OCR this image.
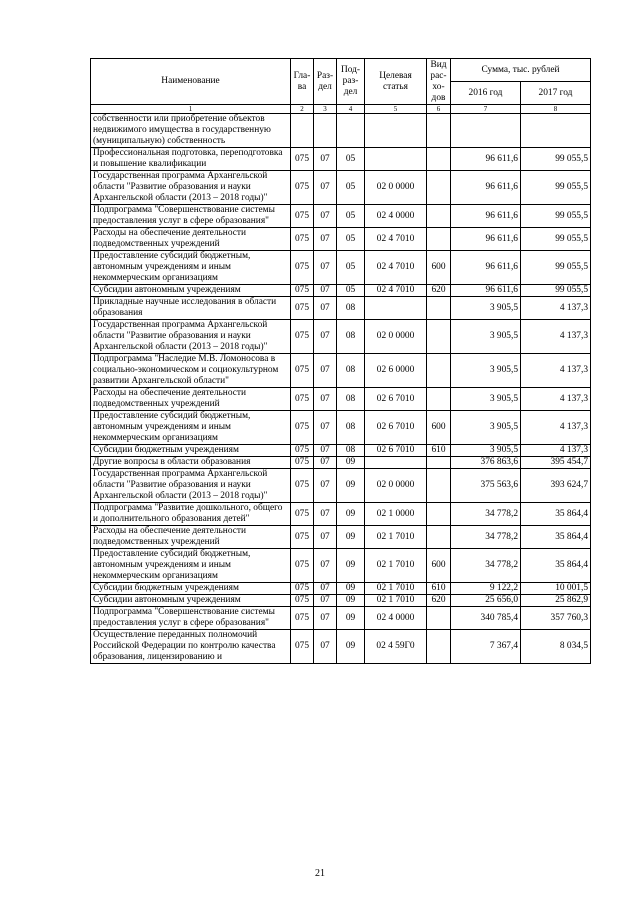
Наименование	Гла-ва	Раз-дел	Под-раз-дел	Целевая статья	Вид рас-хо-дов	Сумма, тыс. рублей	
						2016 год	2017 год
1	2	3	4	5	6	7	8
собственности или приобретение объектов недвижимого имущества в государственную (муниципальную) собственность							
Профессиональная подготовка, переподготовка и повышение квалификации	075	07	05			96 611,6	99 055,5
Государственная программа Архангельской области "Развитие образования и науки Архангельской области (2013 – 2018 годы)"	075	07	05	02 0 0000		96 611,6	99 055,5
Подпрограмма "Совершенствование системы предоставления услуг в сфере образования"	075	07	05	02 4 0000		96 611,6	99 055,5
Расходы на обеспечение деятельности подведомственных учреждений	075	07	05	02 4 7010		96 611,6	99 055,5
Предоставление субсидий бюджетным, автономным учреждениям и иным некоммерческим организациям	075	07	05	02 4 7010	600	96 611,6	99 055,5
Субсидии автономным учреждениям	075	07	05	02 4 7010	620	96 611,6	99 055,5
Прикладные научные исследования в области образования	075	07	08			3 905,5	4 137,3
Государственная программа Архангельской области "Развитие образования и науки Архангельской области (2013 – 2018 годы)"	075	07	08	02 0 0000		3 905,5	4 137,3
Подпрограмма "Наследие М.В. Ломоносова в социально-экономическом и социокультурном развитии Архангельской области"	075	07	08	02 6 0000		3 905,5	4 137,3
Расходы на обеспечение деятельности подведомственных учреждений	075	07	08	02 6 7010		3 905,5	4 137,3
Предоставление субсидий бюджетным, автономным учреждениям и иным некоммерческим организациям	075	07	08	02 6 7010	600	3 905,5	4 137,3
Субсидии бюджетным учреждениям	075	07	08	02 6 7010	610	3 905,5	4 137,3
Другие вопросы в области образования	075	07	09			376 863,6	395 454,7
Государственная программа Архангельской области "Развитие образования и науки Архангельской области (2013 – 2018 годы)"	075	07	09	02 0 0000		375 563,6	393 624,7
Подпрограмма "Развитие дошкольного, общего и дополнительного образования детей"	075	07	09	02 1 0000		34 778,2	35 864,4
Расходы на обеспечение деятельности подведомственных учреждений	075	07	09	02 1 7010		34 778,2	35 864,4
Предоставление субсидий бюджетным, автономным учреждениям и иным некоммерческим организациям	075	07	09	02 1 7010	600	34 778,2	35 864,4
Субсидии бюджетным учреждениям	075	07	09	02 1 7010	610	9 122,2	10 001,5
Субсидии автономным учреждениям	075	07	09	02 1 7010	620	25 656,0	25 862,9
Подпрограмма "Совершенствование системы предоставления услуг в сфере образования"	075	07	09	02 4 0000		340 785,4	357 760,3
Осуществление переданных полномочий Российской Федерации по контролю качества образования, лицензированию и	075	07	09	02 4 59Г0		7 367,4	8 034,5
21
